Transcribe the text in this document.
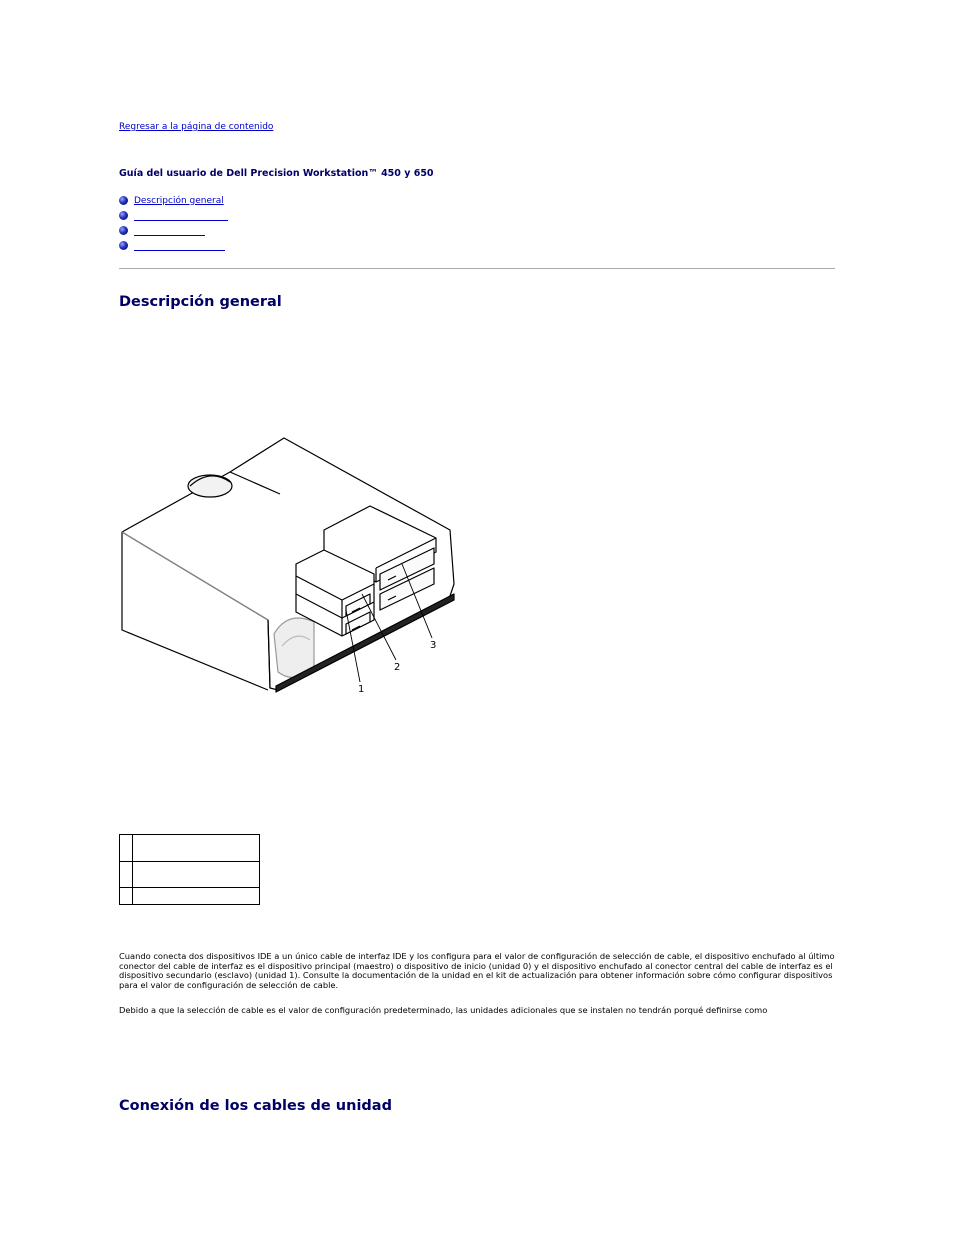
Regresar a la página de contenido
Guía del usuario de Dell Precision Workstation™ 450 y 650
Descripción general
Descripción general
1
2
3

Cuando conecta dos dispositivos IDE a un único cable de interfaz IDE y los configura para el valor de configuración de selección de cable, el dispositivo enchufado al último conector del cable de interfaz es el dispositivo principal (maestro) o dispositivo de inicio (unidad 0) y el dispositivo enchufado al conector central del cable de interfaz es el dispositivo secundario (esclavo) (unidad 1). Consulte la documentación de la unidad en el kit de actualización para obtener información sobre cómo configurar dispositivos para el valor de configuración de selección de cable.

Debido a que la selección de cable es el valor de configuración predeterminado, las unidades adicionales que se instalen no tendrán porqué definirse como

Conexión de los cables de unidad
